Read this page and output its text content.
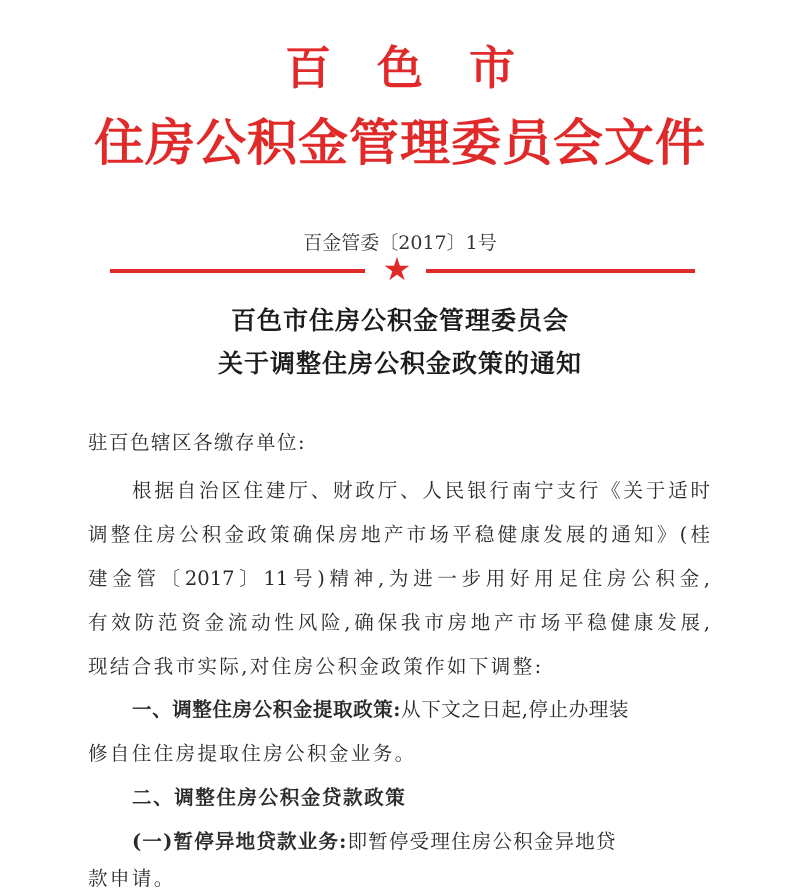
百色市
住房公积金管理委员会文件
百金管委〔2017〕1号
★
百色市住房公积金管理委员会
关于调整住房公积金政策的通知
驻百色辖区各缴存单位:
根据自治区住建厅、财政厅、人民银行南宁支行《关于适时
调整住房公积金政策确保房地产市场平稳健康发展的通知》(桂
建金管〔2017〕11号)精神,为进一步用好用足住房公积金,
有效防范资金流动性风险,确保我市房地产市场平稳健康发展,
现结合我市实际,对住房公积金政策作如下调整:
一、调整住房公积金提取政策:从下文之日起,停止办理装
修自住住房提取住房公积金业务。
二、调整住房公积金贷款政策
(一)暂停异地贷款业务:即暂停受理住房公积金异地贷
款申请。
